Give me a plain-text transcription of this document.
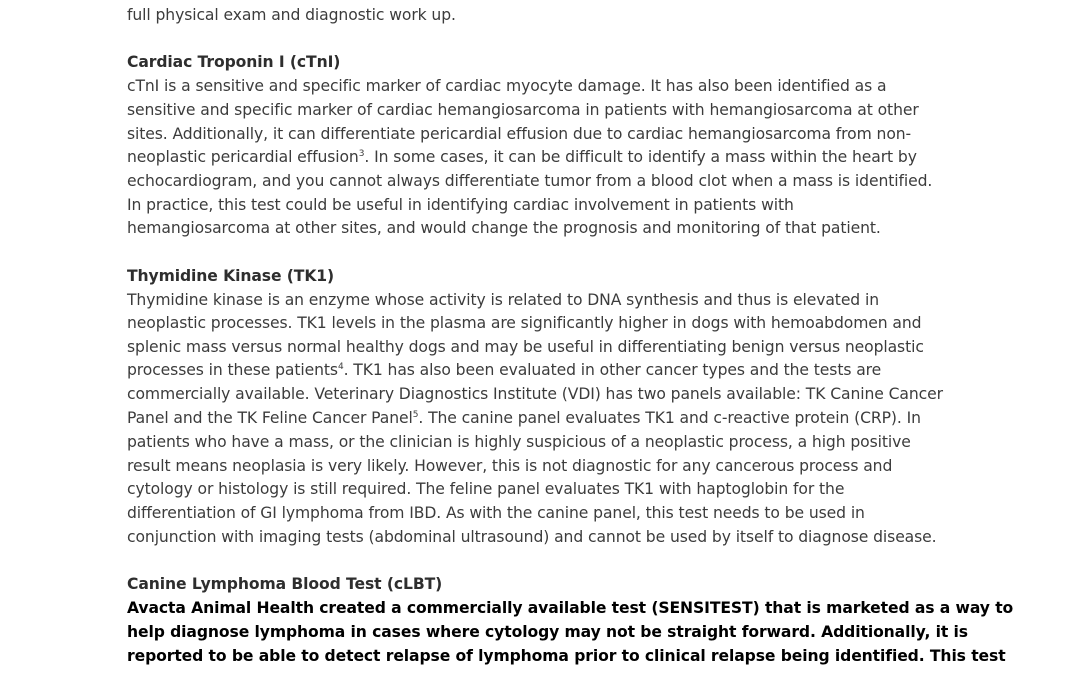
full physical exam and diagnostic work up.
Cardiac Troponin I (cTnI)
cTnI is a sensitive and specific marker of cardiac myocyte damage. It has also been identified as a
sensitive and specific marker of cardiac hemangiosarcoma in patients with hemangiosarcoma at other
sites. Additionally, it can differentiate pericardial effusion due to cardiac hemangiosarcoma from non-
neoplastic pericardial effusion$^3$. In some cases, it can be difficult to identify a mass within the heart by
echocardiogram, and you cannot always differentiate tumor from a blood clot when a mass is identified.
In practice, this test could be useful in identifying cardiac involvement in patients with
hemangiosarcoma at other sites, and would change the prognosis and monitoring of that patient.
Thymidine Kinase (TK1)
Thymidine kinase is an enzyme whose activity is related to DNA synthesis and thus is elevated in
neoplastic processes. TK1 levels in the plasma are significantly higher in dogs with hemoabdomen and
splenic mass versus normal healthy dogs and may be useful in differentiating benign versus neoplastic
processes in these patients$^4$. TK1 has also been evaluated in other cancer types and the tests are
commercially available. Veterinary Diagnostics Institute (VDI) has two panels available: TK Canine Cancer
Panel and the TK Feline Cancer Panel$^5$. The canine panel evaluates TK1 and c-reactive protein (CRP). In
patients who have a mass, or the clinician is highly suspicious of a neoplastic process, a high positive
result means neoplasia is very likely. However, this is not diagnostic for any cancerous process and
cytology or histology is still required. The feline panel evaluates TK1 with haptoglobin for the
differentiation of GI lymphoma from IBD. As with the canine panel, this test needs to be used in
conjunction with imaging tests (abdominal ultrasound) and cannot be used by itself to diagnose disease.
Canine Lymphoma Blood Test (cLBT)
Avacta Animal Health created a commercially available test (SENSITEST) that is marketed as a way to
help diagnose lymphoma in cases where cytology may not be straight forward. Additionally, it is
reported to be able to detect relapse of lymphoma prior to clinical relapse being identified. This test
